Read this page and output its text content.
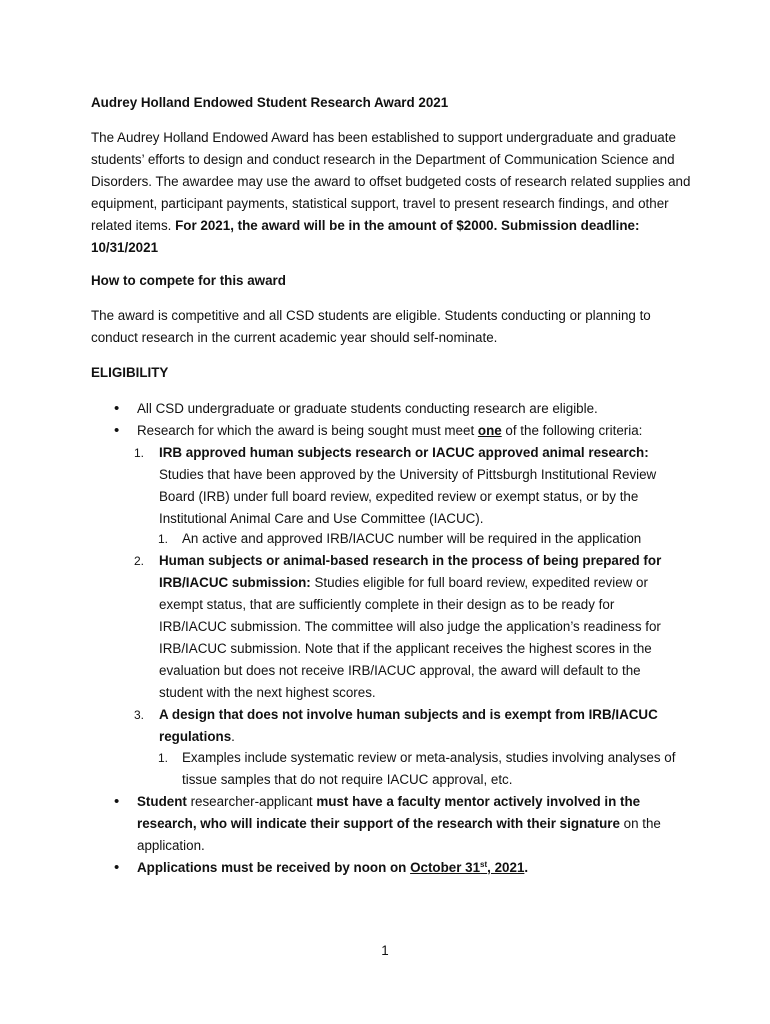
Audrey Holland Endowed Student Research Award 2021

The Audrey Holland Endowed Award has been established to support undergraduate and graduate students’ efforts to design and conduct research in the Department of Communication Science and Disorders. The awardee may use the award to offset budgeted costs of research related supplies and equipment, participant payments, statistical support, travel to present research findings, and other related items. For 2021, the award will be in the amount of $2000. Submission deadline: 10/31/2021

How to compete for this award

The award is competitive and all CSD students are eligible. Students conducting or planning to conduct research in the current academic year should self-nominate.

ELIGIBILITY

•	All CSD undergraduate or graduate students conducting research are eligible.

•	Research for which the award is being sought must meet one of the following criteria:

1.	IRB approved human subjects research or IACUC approved animal research: Studies that have been approved by the University of Pittsburgh Institutional Review Board (IRB) under full board review, expedited review or exempt status, or by the Institutional Animal Care and Use Committee (IACUC).

1.	An active and approved IRB/IACUC number will be required in the application

2.	Human subjects or animal-based research in the process of being prepared for IRB/IACUC submission: Studies eligible for full board review, expedited review or exempt status, that are sufficiently complete in their design as to be ready for IRB/IACUC submission. The committee will also judge the application’s readiness for IRB/IACUC submission. Note that if the applicant receives the highest scores in the evaluation but does not receive IRB/IACUC approval, the award will default to the student with the next highest scores.

3.	A design that does not involve human subjects and is exempt from IRB/IACUC regulations.

1.	Examples include systematic review or meta-analysis, studies involving analyses of tissue samples that do not require IACUC approval, etc.

•	Student researcher-applicant must have a faculty mentor actively involved in the research, who will indicate their support of the research with their signature on the application.

•	Applications must be received by noon on October 31st, 2021.

1
